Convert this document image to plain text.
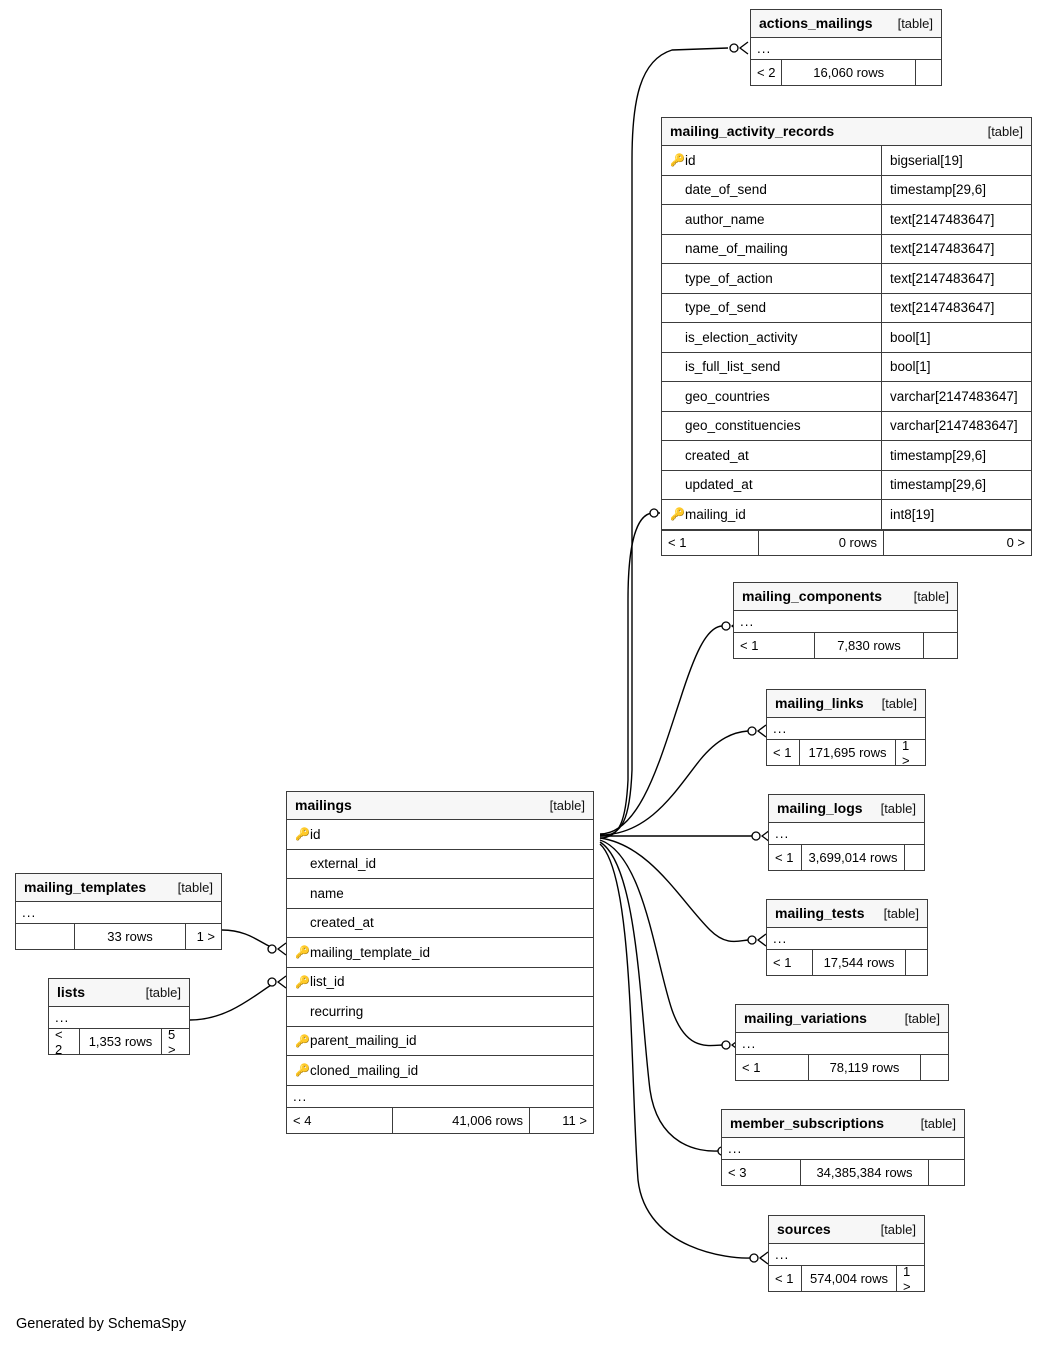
actions_mailings	[table]
...
< 2	16,060 rows
mailing_activity_records	[table]
🔑 id	bigserial[19]
date_of_send	timestamp[29,6]
author_name	text[2147483647]
name_of_mailing	text[2147483647]
type_of_action	text[2147483647]
type_of_send	text[2147483647]
is_election_activity	bool[1]
is_full_list_send	bool[1]
geo_countries	varchar[2147483647]
geo_constituencies	varchar[2147483647]
created_at	timestamp[29,6]
updated_at	timestamp[29,6]
🔑 mailing_id	int8[19]
< 1	0 rows	0 >
mailing_components	[table]
...
< 1	7,830 rows
mailing_links	[table]
...
< 1	171,695 rows	1 >
mailing_logs	[table]
...
< 1	3,699,014 rows
mailing_tests	[table]
...
< 1	17,544 rows
mailing_variations	[table]
...
< 1	78,119 rows
member_subscriptions	[table]
...
< 3	34,385,384 rows
sources	[table]
...
< 1	574,004 rows	1 >
mailings	[table]
🔑 id
external_id
name
created_at
🔑 mailing_template_id
🔑 list_id
recurring
🔑 parent_mailing_id
🔑 cloned_mailing_id
...
< 4	41,006 rows	11 >
mailing_templates	[table]
...
33 rows	1 >
lists	[table]
...
< 2	1,353 rows	5 >
Generated by SchemaSpy
